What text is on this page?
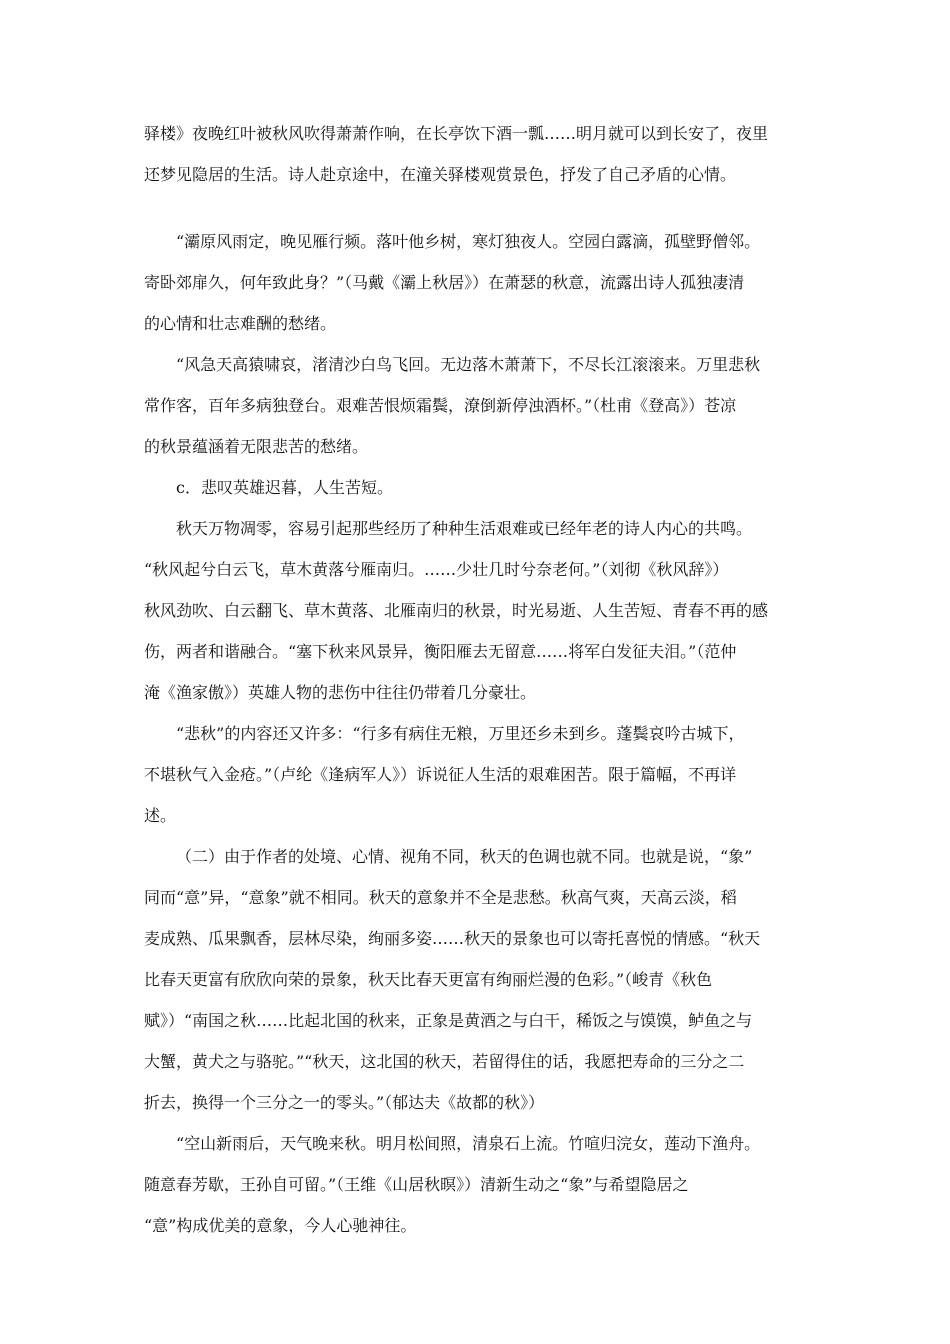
驿楼》夜晚红叶被秋风吹得萧萧作响，在长亭饮下酒一瓢……明月就可以到长安了，夜里
还梦见隐居的生活。诗人赴京途中，在潼关驿楼观赏景色，抒发了自己矛盾的心情。
“灞原风雨定，晚见雁行频。落叶他乡树，寒灯独夜人。空园白露滴，孤壁野僧邻。
寄卧郊扉久，何年致此身？”（马戴《灞上秋居》）在萧瑟的秋意，流露出诗人孤独凄清
的心情和壮志难酬的愁绪。
“风急天高猿啸哀，渚清沙白鸟飞回。无边落木萧萧下，不尽长江滚滚来。万里悲秋
常作客，百年多病独登台。艰难苦恨烦霜鬓，潦倒新停浊酒杯。”（杜甫《登高》）苍凉
的秋景蕴涵着无限悲苦的愁绪。
c．悲叹英雄迟暮，人生苦短。
秋天万物凋零，容易引起那些经历了种种生活艰难或已经年老的诗人内心的共鸣。
“秋风起兮白云飞，草木黄落兮雁南归。……少壮几时兮奈老何。”（刘彻《秋风辞》）
秋风劲吹、白云翻飞、草木黄落、北雁南归的秋景，时光易逝、人生苦短、青春不再的感
伤，两者和谐融合。“塞下秋来风景异，衡阳雁去无留意……将军白发征夫泪。”（范仲
淹《渔家傲》）英雄人物的悲伤中往往仍带着几分豪壮。
“悲秋”的内容还又许多：“行多有病住无粮，万里还乡未到乡。蓬鬓哀吟古城下，
不堪秋气入金疮。”（卢纶《逢病军人》）诉说征人生活的艰难困苦。限于篇幅，不再详
述。
（二）由于作者的处境、心情、视角不同，秋天的色调也就不同。也就是说，“象”
同而“意”异，“意象”就不相同。秋天的意象并不全是悲愁。秋高气爽，天高云淡，稻
麦成熟、瓜果飘香，层林尽染，绚丽多姿……秋天的景象也可以寄托喜悦的情感。“秋天
比春天更富有欣欣向荣的景象，秋天比春天更富有绚丽烂漫的色彩。”（峻青《秋色
赋》）“南国之秋……比起北国的秋来，正象是黄酒之与白干，稀饭之与馍馍，鲈鱼之与
大蟹，黄犬之与骆驼。”“秋天，这北国的秋天，若留得住的话，我愿把寿命的三分之二
折去，换得一个三分之一的零头。”（郁达夫《故都的秋》）
“空山新雨后，天气晚来秋。明月松间照，清泉石上流。竹喧归浣女，莲动下渔舟。
随意春芳歇，王孙自可留。”（王维《山居秋暝》）清新生动之“象”与希望隐居之
“意”构成优美的意象，今人心驰神往。
